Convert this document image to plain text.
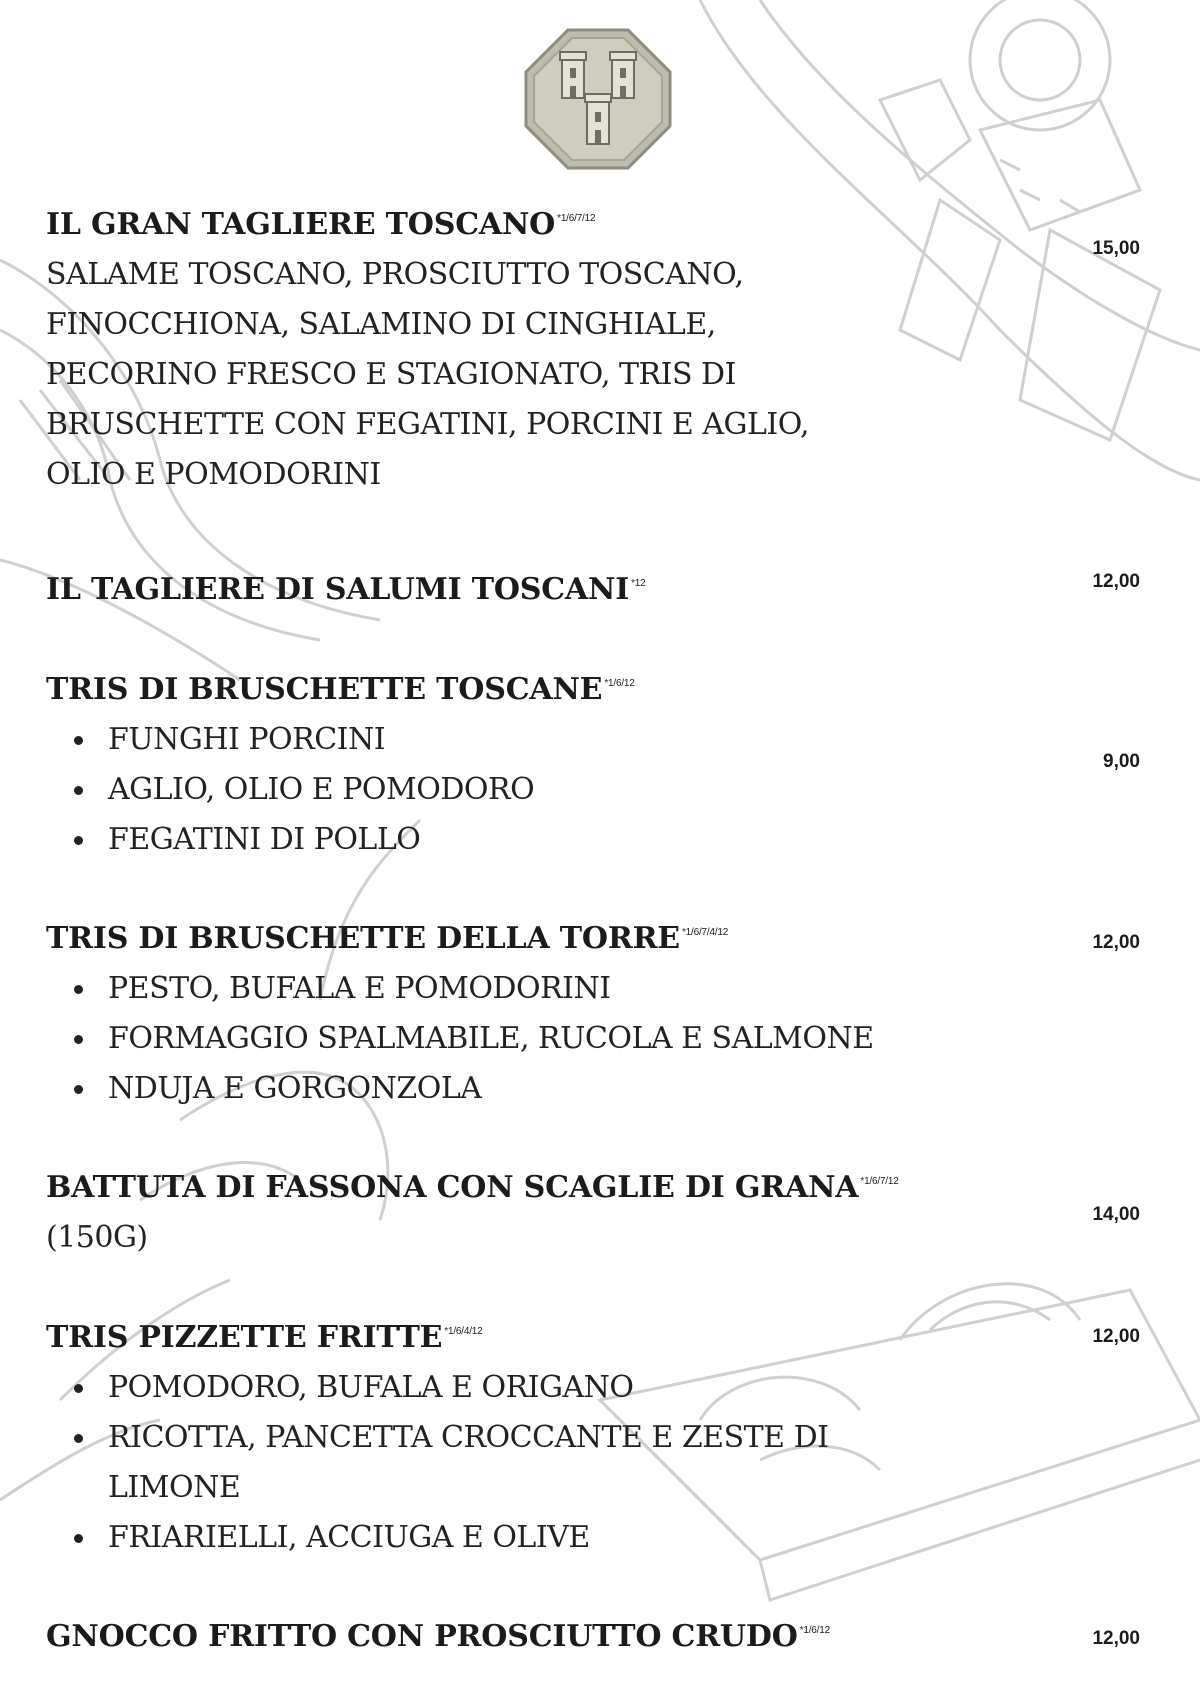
IL GRAN TAGLIERE TOSCANO $^{*1/6/7/12}$
SALAME TOSCANO, PROSCIUTTO TOSCANO,
FINOCCHIONA, SALAMINO DI CINGHIALE,
PECORINO FRESCO E STAGIONATO, TRIS DI
BRUSCHETTE CON FEGATINI, PORCINI E AGLIO,
OLIO E POMODORINI
15,00
IL TAGLIERE DI SALUMI TOSCANI $^{*12}$	12,00
TRIS DI BRUSCHETTE TOSCANE $^{*1/6/12}$
FUNGHI PORCINI
AGLIO, OLIO E POMODORO
FEGATINI DI POLLO
9,00
TRIS DI BRUSCHETTE DELLA TORRE $^{*1/6/7/4/12}$
PESTO, BUFALA E POMODORINI
FORMAGGIO SPALMABILE, RUCOLA E SALMONE
NDUJA E GORGONZOLA
12,00
BATTUTA DI FASSONA CON SCAGLIE DI GRANA $^{*1/6/7/12}$
(150G)
14,00
TRIS PIZZETTE FRITTE $^{*1/6/4/12}$
POMODORO, BUFALA E ORIGANO
RICOTTA, PANCETTA CROCCANTE E ZESTE DI LIMONE
FRIARIELLI, ACCIUGA E OLIVE
12,00
GNOCCO FRITTO CON PROSCIUTTO CRUDO $^{*1/6/12}$	12,00
